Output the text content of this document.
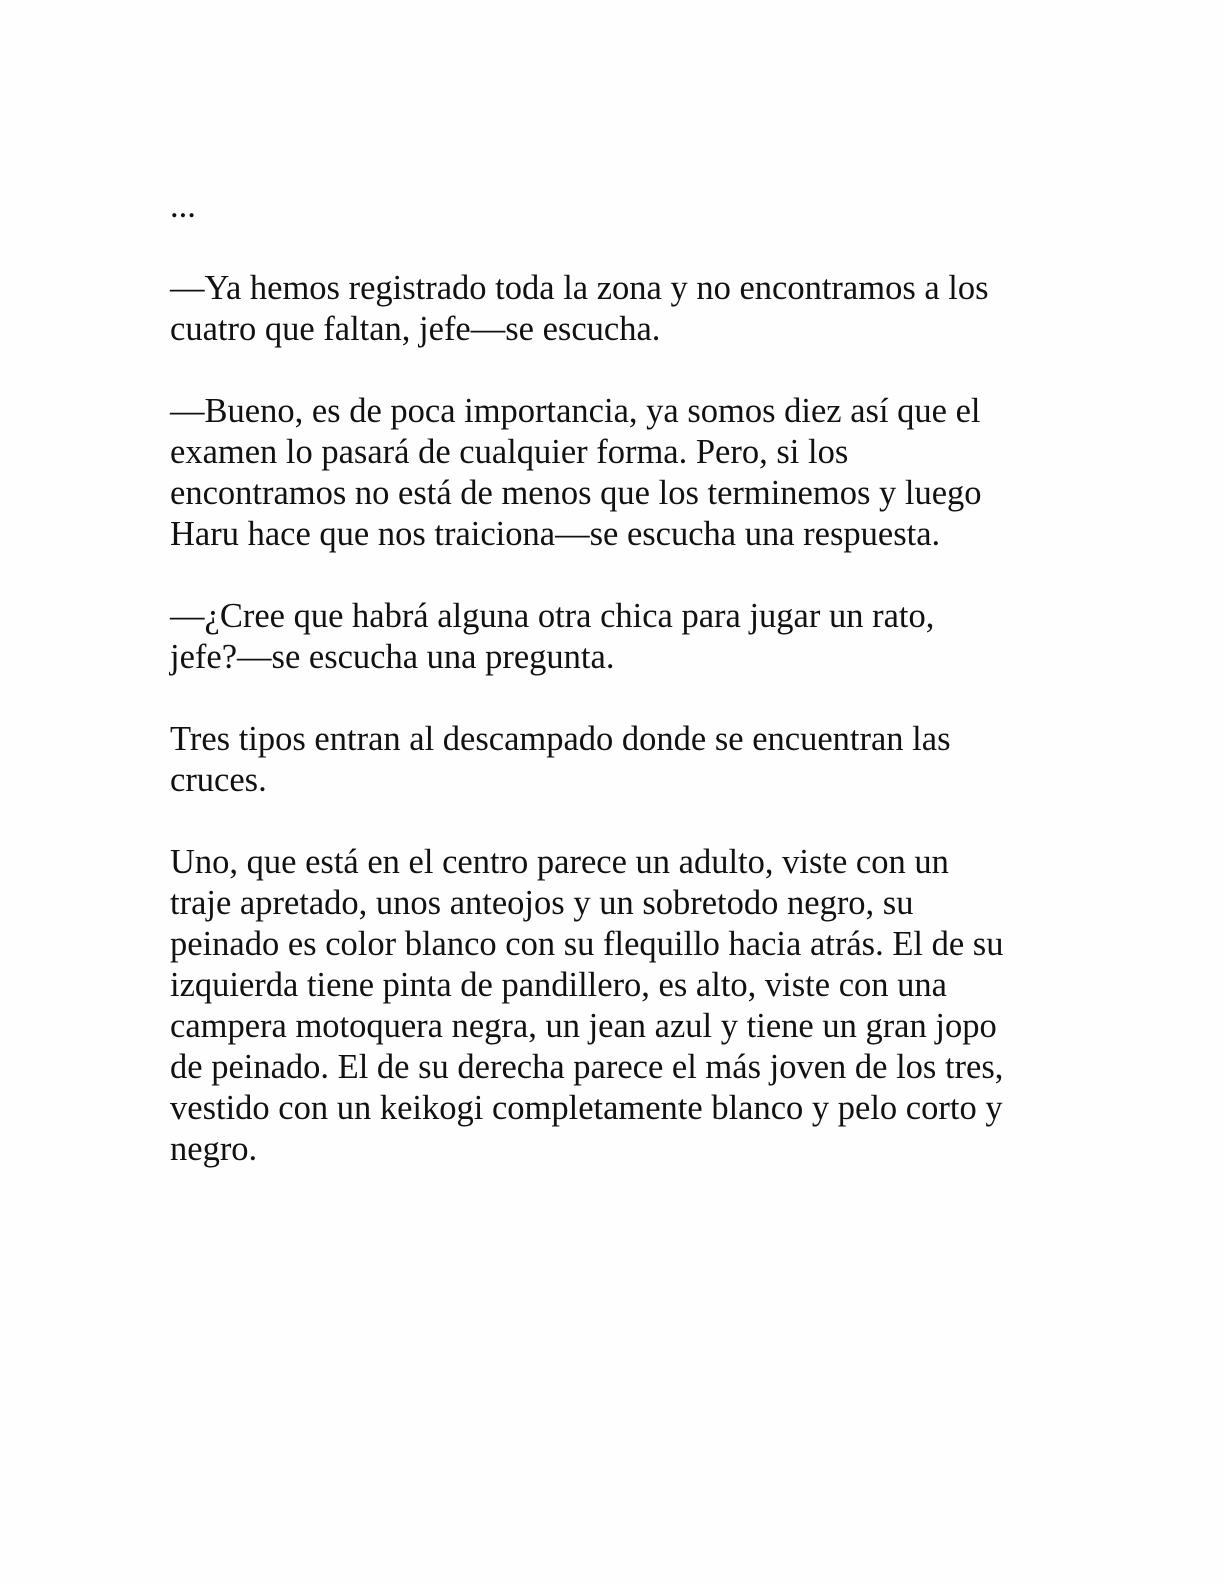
...

—Ya hemos registrado toda la zona y no encontramos a los
cuatro que faltan, jefe—se escucha.

—Bueno, es de poca importancia, ya somos diez así que el
examen lo pasará de cualquier forma. Pero, si los
encontramos no está de menos que los terminemos y luego
Haru hace que nos traiciona—se escucha una respuesta.

—¿Cree que habrá alguna otra chica para jugar un rato,
jefe?—se escucha una pregunta.

Tres tipos entran al descampado donde se encuentran las
cruces.

Uno, que está en el centro parece un adulto, viste con un
traje apretado, unos anteojos y un sobretodo negro, su
peinado es color blanco con su flequillo hacia atrás. El de su
izquierda tiene pinta de pandillero, es alto, viste con una
campera motoquera negra, un jean azul y tiene un gran jopo
de peinado. El de su derecha parece el más joven de los tres,
vestido con un keikogi completamente blanco y pelo corto y
negro.
